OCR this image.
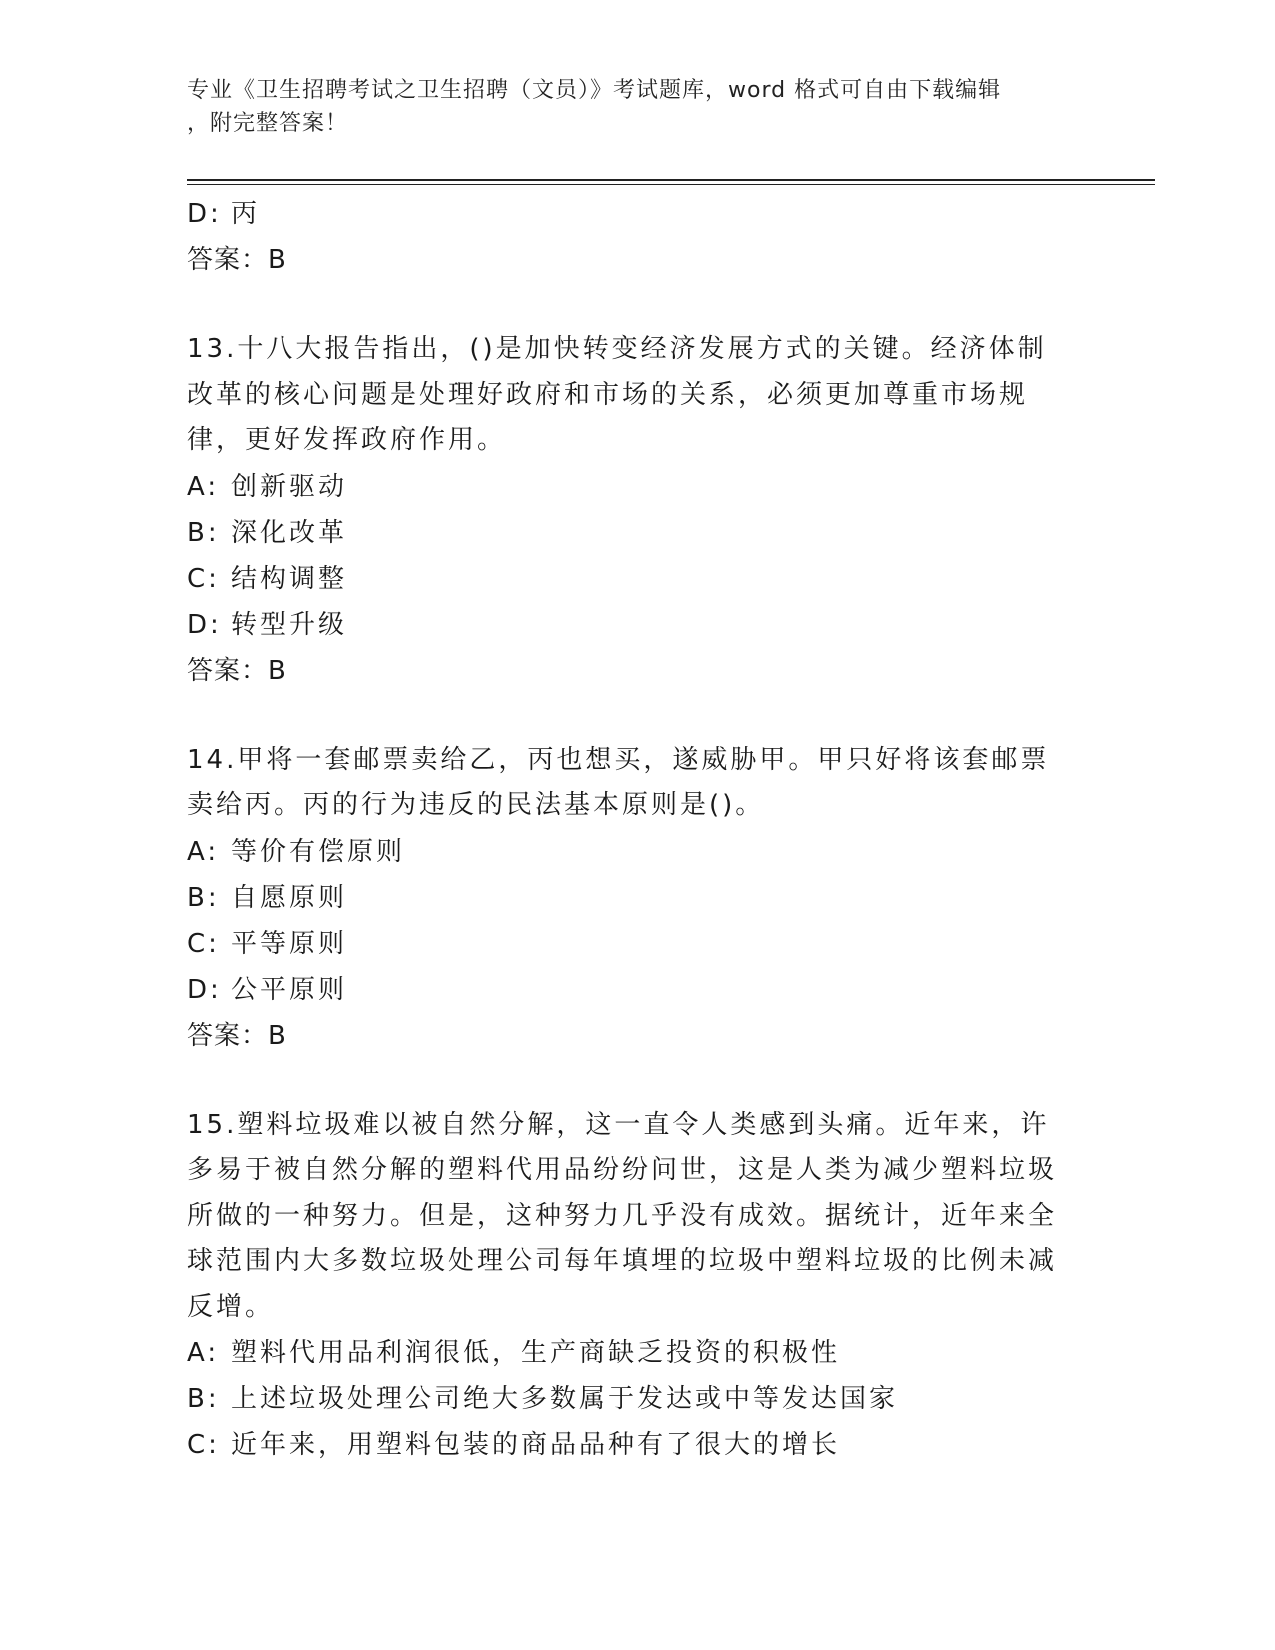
专业《卫生招聘考试之卫生招聘（文员）》考试题库，word 格式可自由下载编辑
，附完整答案！
D: 丙
答案：B
13.十八大报告指出，()是加快转变经济发展方式的关键。经济体制改革的核心问题是处理好政府和市场的关系，必须更加尊重市场规律，更好发挥政府作用。
A: 创新驱动
B: 深化改革
C: 结构调整
D: 转型升级
答案：B
14.甲将一套邮票卖给乙，丙也想买，遂威胁甲。甲只好将该套邮票卖给丙。丙的行为违反的民法基本原则是()。
A: 等价有偿原则
B: 自愿原则
C: 平等原则
D: 公平原则
答案：B
15.塑料垃圾难以被自然分解，这一直令人类感到头痛。近年来，许多易于被自然分解的塑料代用品纷纷问世，这是人类为减少塑料垃圾所做的一种努力。但是，这种努力几乎没有成效。据统计，近年来全球范围内大多数垃圾处理公司每年填埋的垃圾中塑料垃圾的比例未减反增。
A: 塑料代用品利润很低，生产商缺乏投资的积极性
B: 上述垃圾处理公司绝大多数属于发达或中等发达国家
C: 近年来，用塑料包装的商品品种有了很大的增长
